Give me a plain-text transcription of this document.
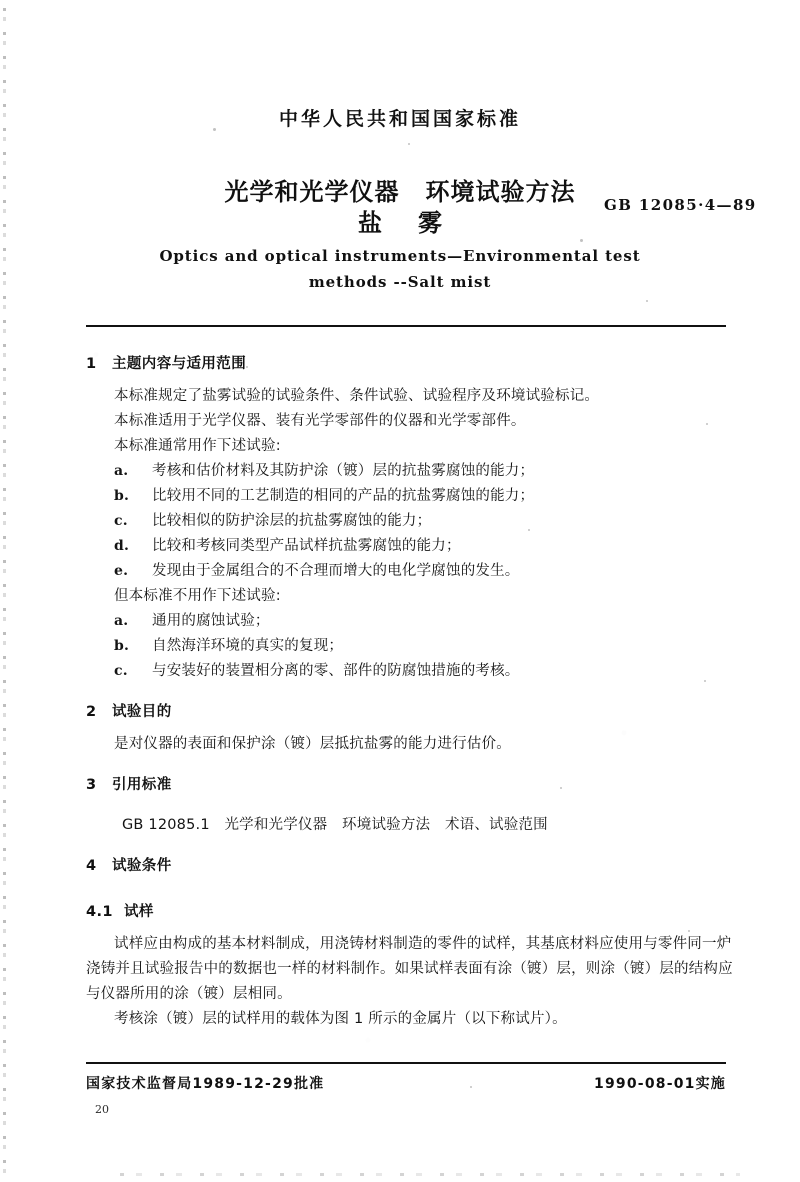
中华人民共和国国家标准
光学和光学仪器 环境试验方法
盐 雾
GB 12085·4—89
Optics and optical instruments—Environmental test
methods --Salt mist
1 主题内容与适用范围

本标准规定了盐雾试验的试验条件、条件试验、试验程序及环境试验标记。

本标准适用于光学仪器、装有光学零部件的仪器和光学零部件。

本标准通常用作下述试验:

a.	考核和估价材料及其防护涂（镀）层的抗盐雾腐蚀的能力；
b.	比较用不同的工艺制造的相同的产品的抗盐雾腐蚀的能力；
c.	比较相似的防护涂层的抗盐雾腐蚀的能力；
d.	比较和考核同类型产品试样抗盐雾腐蚀的能力；
e.	发现由于金属组合的不合理而增大的电化学腐蚀的发生。

但本标准不用作下述试验:

a.	通用的腐蚀试验；
b.	自然海洋环境的真实的复现；
c.	与安装好的装置相分离的零、部件的防腐蚀措施的考核。
2 试验目的

是对仪器的表面和保护涂（镀）层抵抗盐雾的能力进行估价。

3 引用标准

GB 12085.1　光学和光学仪器　环境试验方法　术语、试验范围

4 试验条件
4.1 试样

试样应由构成的基本材料制成，用浇铸材料制造的零件的试样，其基底材料应使用与零件同一炉浇铸并且试验报告中的数据也一样的材料制作。如果试样表面有涂（镀）层，则涂（镀）层的结构应与仪器所用的涂（镀）层相同。

考核涂（镀）层的试样用的载体为图 1 所示的金属片（以下称试片）。

国家技术监督局1989-12-29批准	1990-08-01实施
20
